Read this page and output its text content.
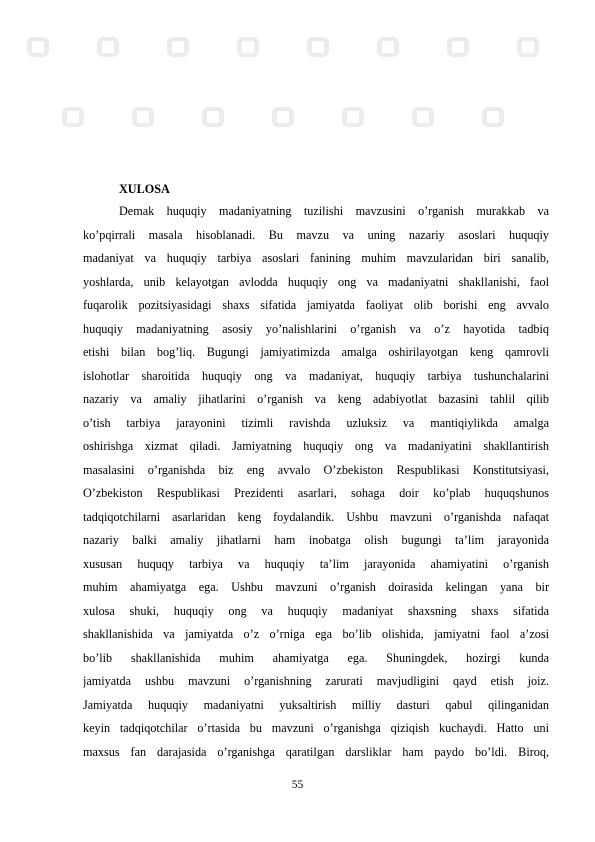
XULOSA
Demak huquqiy madaniyatning tuzilishi mavzusini o’rganish murakkab va
ko’pqirrali masala hisoblanadi. Bu mavzu va uning nazariy asoslari huquqiy
madaniyat va huquqiy tarbiya asoslari fanining muhim mavzularidan biri sanalib,
yoshlarda, unib kelayotgan avlodda huquqiy ong va madaniyatni shakllanishi, faol
fuqarolik pozitsiyasidagi shaxs sifatida jamiyatda faoliyat olib borishi eng avvalo
huquqiy madaniyatning asosiy yo’nalishlarini o’rganish va o’z hayotida tadbiq
etishi bilan bog’liq. Bugungi jamiyatimizda amalga oshirilayotgan keng qamrovli
islohotlar sharoitida huquqiy ong va madaniyat, huquqiy tarbiya tushunchalarini
nazariy va amaliy jihatlarini o’rganish va keng adabiyotlat bazasini tahlil qilib
o’tish tarbiya jarayonini tizimli ravishda uzluksiz va mantiqiylikda amalga
oshirishga xizmat qiladi. Jamiyatning huquqiy ong va madaniyatini shakllantirish
masalasini o’rganishda biz eng avvalo O’zbekiston Respublikasi Konstitutsiyasi,
O’zbekiston Respublikasi Prezidenti asarlari, sohaga doir ko’plab huquqshunos
tadqiqotchilarni asarlaridan keng foydalandik. Ushbu mavzuni o’rganishda nafaqat
nazariy balki amaliy jihatlarni ham inobatga olish bugungi ta’lim jarayonida
xususan huquqy tarbiya va huquqiy ta’lim jarayonida ahamiyatini o’rganish
muhim ahamiyatga ega. Ushbu mavzuni o’rganish doirasida kelingan yana bir
xulosa shuki, huquqiy ong va huquqiy madaniyat shaxsning shaxs sifatida
shakllanishida va jamiyatda o’z o’rniga ega bo’lib olishida, jamiyatni faol a’zosi
bo’lib shakllanishida muhim ahamiyatga ega. Shuningdek, hozirgi kunda
jamiyatda ushbu mavzuni o’rganishning zarurati mavjudligini qayd etish joiz.
Jamiyatda huquqiy madaniyatni yuksaltirish milliy dasturi qabul qilinganidan
keyin tadqiqotchilar o’rtasida bu mavzuni o’rganishga qiziqish kuchaydi. Hatto uni
maxsus fan darajasida o’rganishga qaratilgan darsliklar ham paydo bo’ldi. Biroq,
55
